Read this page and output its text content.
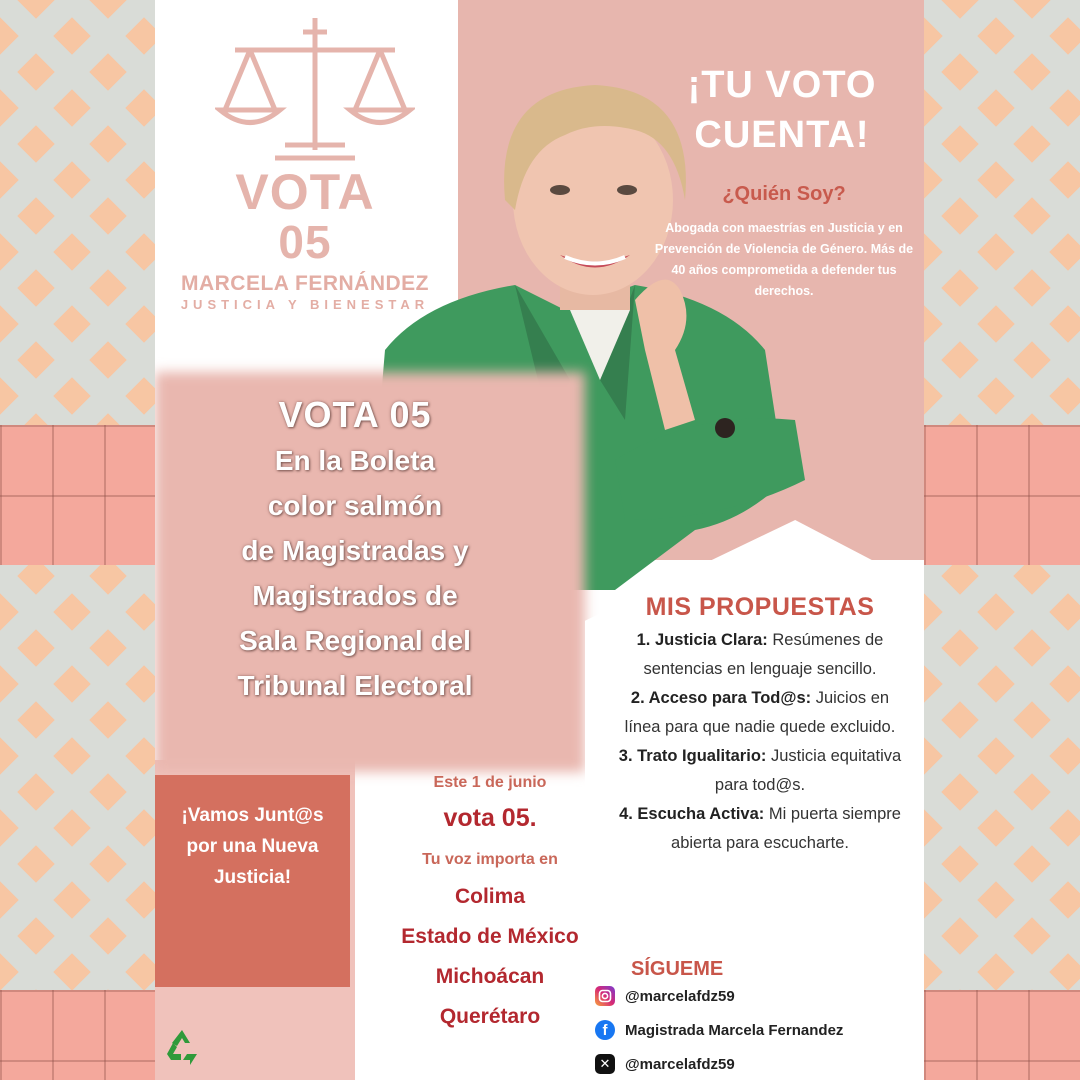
VOTA
05
MARCELA FERNÁNDEZ
JUSTICIA Y BIENESTAR
¡TU VOTO
CUENTA!
¿Quién Soy?
Abogada con maestrías en Justicia y en Prevención de Violencia de Género. Más de 40 años comprometida a defender tus derechos.
VOTA 05
En la Boleta
color salmón
de Magistradas y
Magistrados de
Sala Regional del
Tribunal Electoral
¡Vamos Junt@s
por una Nueva
Justicia!
Este 1 de junio
vota 05.
Tu voz importa en
Colima
Estado de México
Michoácan
Querétaro
MIS PROPUESTAS
1. Justicia Clara: Resúmenes de sentencias en lenguaje sencillo.
2. Acceso para Tod@s: Juicios en línea para que nadie quede excluido.
3. Trato Igualitario: Justicia equitativa para tod@s.
4. Escucha Activa: Mi puerta siempre abierta para escucharte.
SÍGUEME
@marcelafdz59
f	Magistrada Marcela Fernandez
✕ @marcelafdz59
